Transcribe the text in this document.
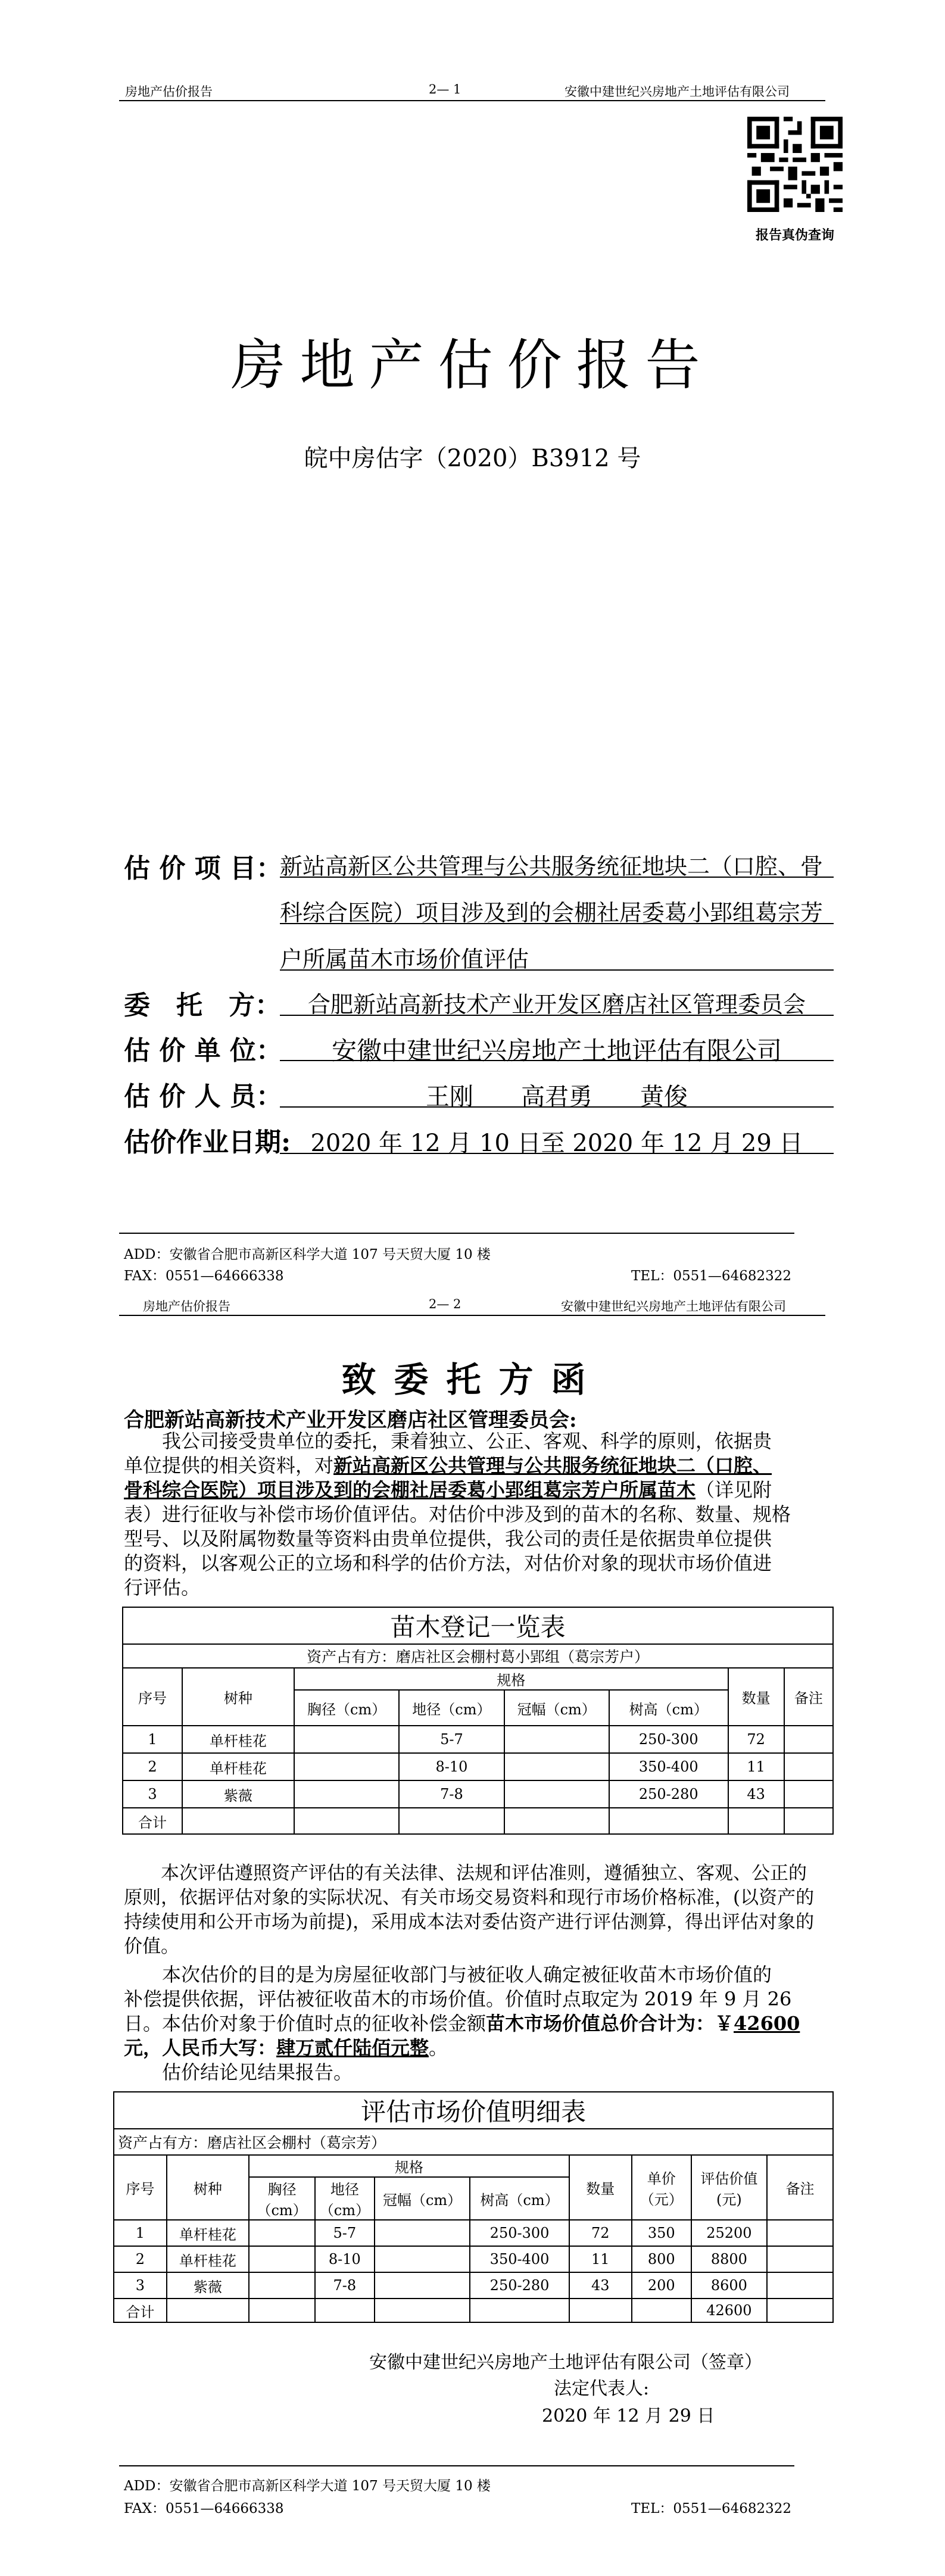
房地产估价报告	2— 1	安徽中建世纪兴房地产土地评估有限公司
报告真伪查询
房地产估价报告
皖中房估字（2020）B3912 号
估 价 项 目：
新站高新区公共管理与公共服务统征地块二（口腔、骨
科综合医院）项目涉及到的会棚社居委葛小郢组葛宗芳
户所属苗木市场价值评估
委　托　方：	合肥新站高新技术产业开发区磨店社区管理委员会
估 价 单 位：	安徽中建世纪兴房地产土地评估有限公司
估 价 人 员：	王刚　　高君勇　　黄俊
估价作业日期: 2020 年 12 月 10 日至 2020 年 12 月 29 日
ADD：安徽省合肥市高新区科学大道 107 号天贸大厦 10 楼
FAX：0551—64666338	TEL：0551—64682322
房地产估价报告	2— 2	安徽中建世纪兴房地产土地评估有限公司
致委托方函
合肥新站高新技术产业开发区磨店社区管理委员会:
　　我公司接受贵单位的委托，秉着独立、公正、客观、科学的原则，依据贵
单位提供的相关资料，对新站高新区公共管理与公共服务统征地块二（口腔、
骨科综合医院）项目涉及到的会棚社居委葛小郢组葛宗芳户所属苗木（详见附
表）进行征收与补偿市场价值评估。对估价中涉及到的苗木的名称、数量、规格
型号、以及附属物数量等资料由贵单位提供，我公司的责任是依据贵单位提供
的资料，以客观公正的立场和科学的估价方法，对估价对象的现状市场价值进
行评估。
苗木登记一览表							
资产占有方：磨店社区会棚村葛小郢组（葛宗芳户）							
序号	树种	规格				数量	备注
		胸径（cm）	地径（cm）	冠幅（cm）	树高（cm）		
1	单杆桂花		5-7		250-300	72	
2	单杆桂花		8-10		350-400	11	
3	紫薇		7-8		250-280	43	
合计							
　　本次评估遵照资产评估的有关法律、法规和评估准则，遵循独立、客观、公正的
原则，依据评估对象的实际状况、有关市场交易资料和现行市场价格标准，(以资产的
持续使用和公开市场为前提)，采用成本法对委估资产进行评估测算，得出评估对象的
价值。
　　本次估价的目的是为房屋征收部门与被征收人确定被征收苗木市场价值的
补偿提供依据，评估被征收苗木的市场价值。价值时点取定为 2019 年 9 月 26
日。本估价对象于价值时点的征收补偿金额苗木市场价值总价合计为：￥42600
元，人民币大写：肆万贰仟陆佰元整。
　　估价结论见结果报告。
评估市场价值明细表									
资产占有方：磨店社区会棚村（葛宗芳）									
序号	树种	规格				数量	单价（元）	评估价值(元)	备注
		胸径（cm）	地径（cm）	冠幅（cm）	树高（cm）				
1	单杆桂花		5-7		250-300	72	350	25200	
2	单杆桂花		8-10		350-400	11	800	8800	
3	紫薇		7-8		250-280	43	200	8600	
合计								42600	
安徽中建世纪兴房地产土地评估有限公司（签章）
法定代表人:
2020 年 12 月 29 日
ADD：安徽省合肥市高新区科学大道 107 号天贸大厦 10 楼
FAX：0551—64666338	TEL：0551—64682322
